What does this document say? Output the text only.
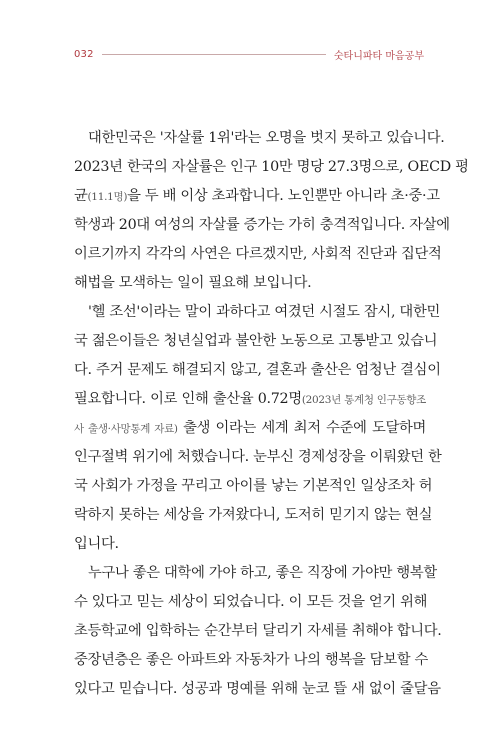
032	숫타니파타 마음공부
대한민국은 '자살률 1위'라는 오명을 벗지 못하고 있습니다.
2023년 한국의 자살률은 인구 10만 명당 27.3명으로, OECD 평
균(11.1명)을 두 배 이상 초과합니다. 노인뿐만 아니라 초·중·고
학생과 20대 여성의 자살률 증가는 가히 충격적입니다. 자살에
이르기까지 각각의 사연은 다르겠지만, 사회적 진단과 집단적
해법을 모색하는 일이 필요해 보입니다.
'헬 조선'이라는 말이 과하다고 여겼던 시절도 잠시, 대한민
국 젊은이들은 청년실업과 불안한 노동으로 고통받고 있습니
다. 주거 문제도 해결되지 않고, 결혼과 출산은 엄청난 결심이
필요합니다. 이로 인해 출산율 0.72명(2023년 통계청 인구동향조
사 출생·사망통계 자료) 출생 이라는 세계 최저 수준에 도달하며
인구절벽 위기에 처했습니다. 눈부신 경제성장을 이뤄왔던 한
국 사회가 가정을 꾸리고 아이를 낳는 기본적인 일상조차 허
락하지 못하는 세상을 가져왔다니, 도저히 믿기지 않는 현실
입니다.
누구나 좋은 대학에 가야 하고, 좋은 직장에 가야만 행복할
수 있다고 믿는 세상이 되었습니다. 이 모든 것을 얻기 위해
초등학교에 입학하는 순간부터 달리기 자세를 취해야 합니다.
중장년층은 좋은 아파트와 자동차가 나의 행복을 담보할 수
있다고 믿습니다. 성공과 명예를 위해 눈코 뜰 새 없이 줄달음
